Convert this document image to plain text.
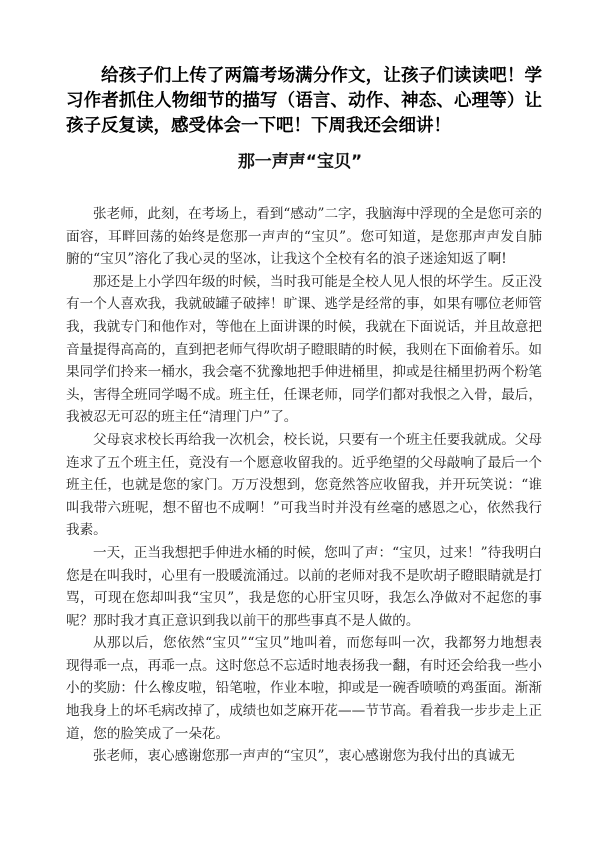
给孩子们上传了两篇考场满分作文，让孩子们读读吧！学习作者抓住人物细节的描写（语言、动作、神态、心理等）让孩子反复读，感受体会一下吧！下周我还会细讲！

那一声声“宝贝”

张老师，此刻，在考场上，看到“感动”二字，我脑海中浮现的全是您可亲的面容，耳畔回荡的始终是您那一声声的“宝贝”。您可知道，是您那声声发自肺腑的“宝贝”溶化了我心灵的坚冰，让我这个全校有名的浪子迷途知返了啊!

那还是上小学四年级的时候，当时我可能是全校人见人恨的坏学生。反正没有一个人喜欢我，我就破罐子破摔！旷课、逃学是经常的事，如果有哪位老师管我，我就专门和他作对，等他在上面讲课的时候，我就在下面说话，并且故意把音量提得高高的，直到把老师气得吹胡子瞪眼睛的时候，我则在下面偷着乐。如果同学们拎来一桶水，我会毫不犹豫地把手伸进桶里，抑或是往桶里扔两个粉笔头，害得全班同学喝不成。班主任，任课老师，同学们都对我恨之入骨，最后，我被忍无可忍的班主任“清理门户”了。

父母哀求校长再给我一次机会，校长说，只要有一个班主任要我就成。父母连求了五个班主任，竟没有一个愿意收留我的。近乎绝望的父母敲响了最后一个班主任，也就是您的家门。万万没想到，您竟然答应收留我，并开玩笑说：“谁叫我带六班呢，想不留也不成啊！”可我当时并没有丝毫的感恩之心，依然我行我素。

一天，正当我想把手伸进水桶的时候，您叫了声：“宝贝，过来！”待我明白您是在叫我时，心里有一股暖流涌过。以前的老师对我不是吹胡子瞪眼睛就是打骂，可现在您却叫我“宝贝”，我是您的心肝宝贝呀，我怎么净做对不起您的事呢？那时我才真正意识到我以前干的那些事真不是人做的。

从那以后，您依然“宝贝”“宝贝”地叫着，而您每叫一次，我都努力地想表现得乖一点，再乖一点。这时您总不忘适时地表扬我一翻，有时还会给我一些小小的奖励：什么橡皮啦，铅笔啦，作业本啦，抑或是一碗香喷喷的鸡蛋面。渐渐地我身上的坏毛病改掉了，成绩也如芝麻开花——节节高。看着我一步步走上正道，您的脸笑成了一朵花。

张老师，衷心感谢您那一声声的“宝贝”，衷心感谢您为我付出的真诚无
